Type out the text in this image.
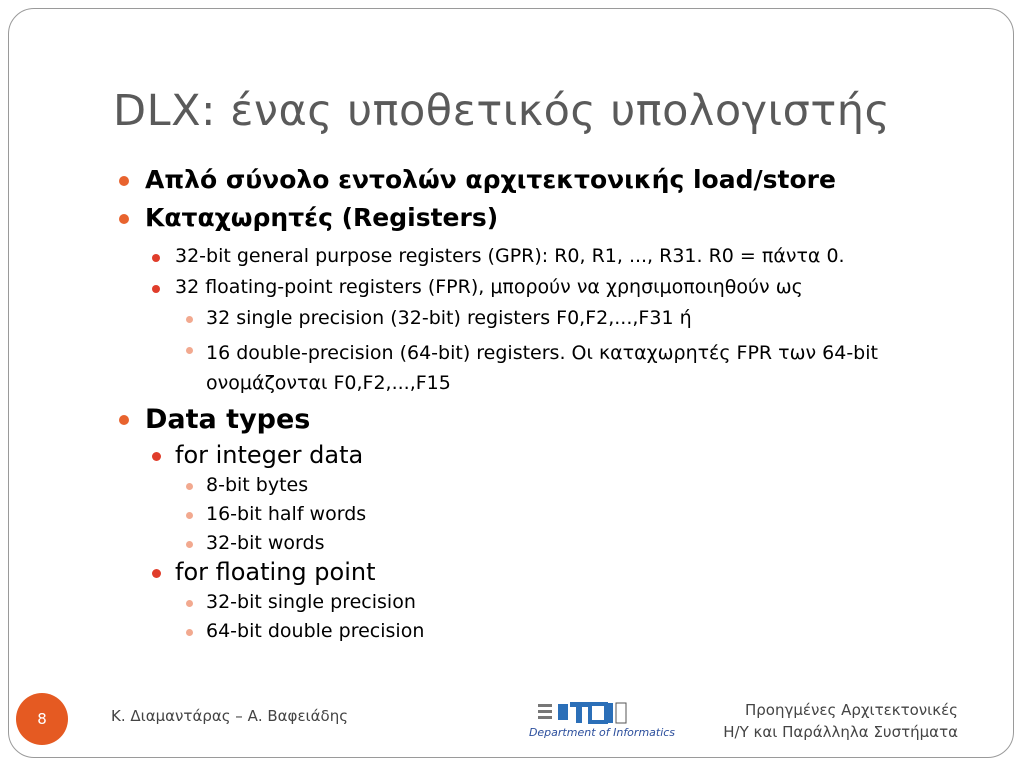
DLX: ένας υποθετικός υπολογιστής
Απλό σύνολο εντολών αρχιτεκτονικής load/store
Καταχωρητές (Registers)
32-bit general purpose registers (GPR): R0, R1, ..., R31. R0 = πάντα 0.
32 floating-point registers (FPR), μπορούν να χρησιμοποιηθούν ως
32 single precision (32-bit) registers F0,F2,...,F31 ή
16 double-precision (64-bit) registers. Οι καταχωρητές FPR των 64-bit
ονομάζονται F0,F2,...,F15
Data types
for integer data
8-bit bytes
16-bit half words
32-bit words
for floating point
32-bit single precision
64-bit double precision
8	Κ. Διαμαντάρας – Α. Βαφειάδης
Department of Informatics
Προηγμένες Αρχιτεκτονικές
Η/Υ και Παράλληλα Συστήματα
